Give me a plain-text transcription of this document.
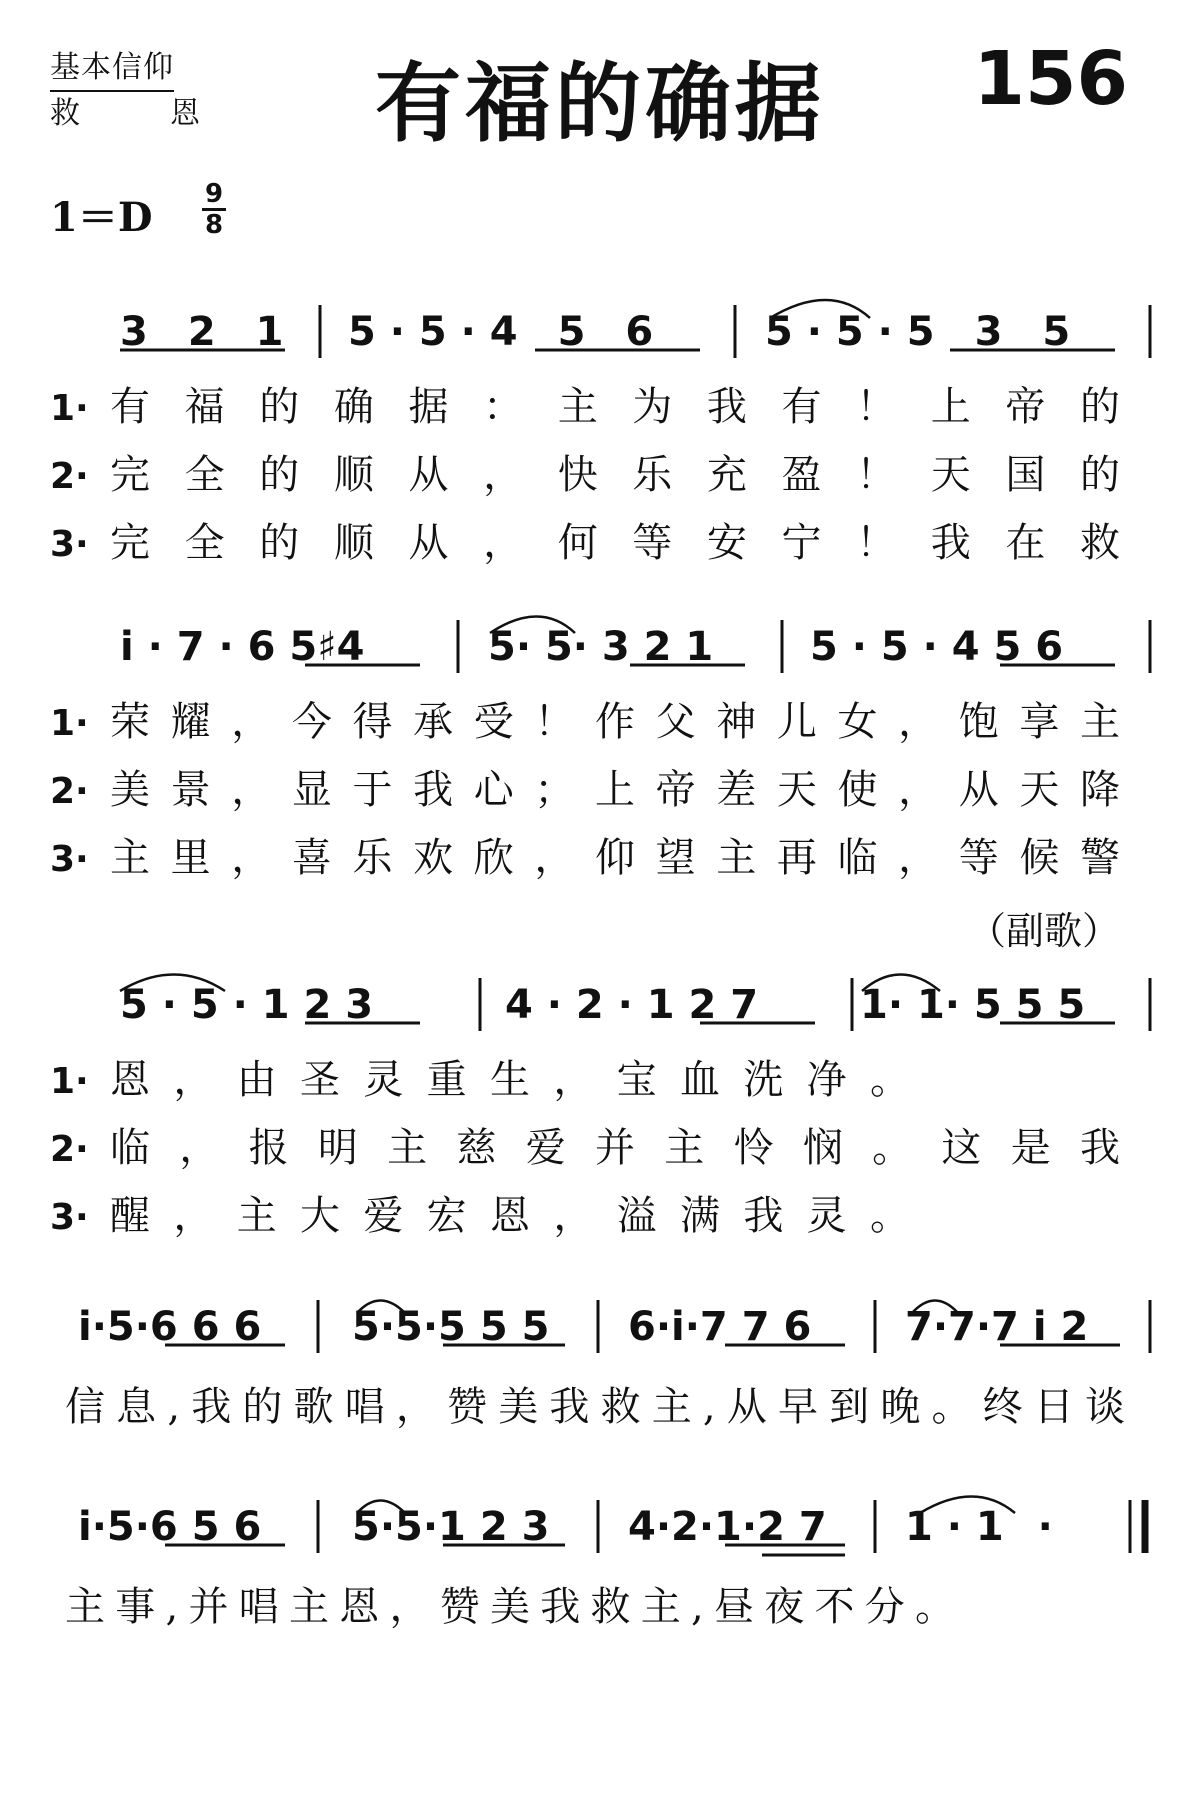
基本信仰
救	恩	有福的确据	156
$1=D \frac{9}{8}$
（副歌）
3  2  1 5 · 5 · 4  5  6	5 · 5 · 5  3  5
i · 7 · 6 5♯4	5· 5· 3 2 1 5 · 5 · 4 5 6
5 · 5 · 1 2 3	4 · 2 · 1 2 7	1· 1· 5 5 5
i·5·6 6 6 5·5·5 5 5 6·i·7 7 6 7·7·7 i 2
i·5·6 5 6 5·5·1 2 3 4·2·1·2 7 1 · 1  ·
1·
2·
3·
1·
2·
3·
1·
2·
3·
有福的确据：主为我有！上帝的
完全的顺从，快乐充盈！天国的
完全的顺从，何等安宁！我在救
荣耀，今得承受！作父神儿女，饱享主
美景，显于我心；上帝差天使，从天降
主里，喜乐欢欣，仰望主再临，等候警
恩，由圣灵重生，宝血洗净。
临，报明主慈爱并主怜悯。这是我
醒，主大爱宏恩，溢满我灵。
信息,我的歌唱，赞美我救主,从早到晚。终日谈
主事,并唱主恩，赞美我救主,昼夜不分。
